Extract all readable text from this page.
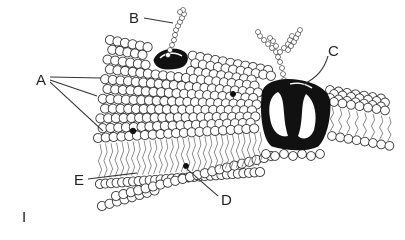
A
B
C
D
E
I
